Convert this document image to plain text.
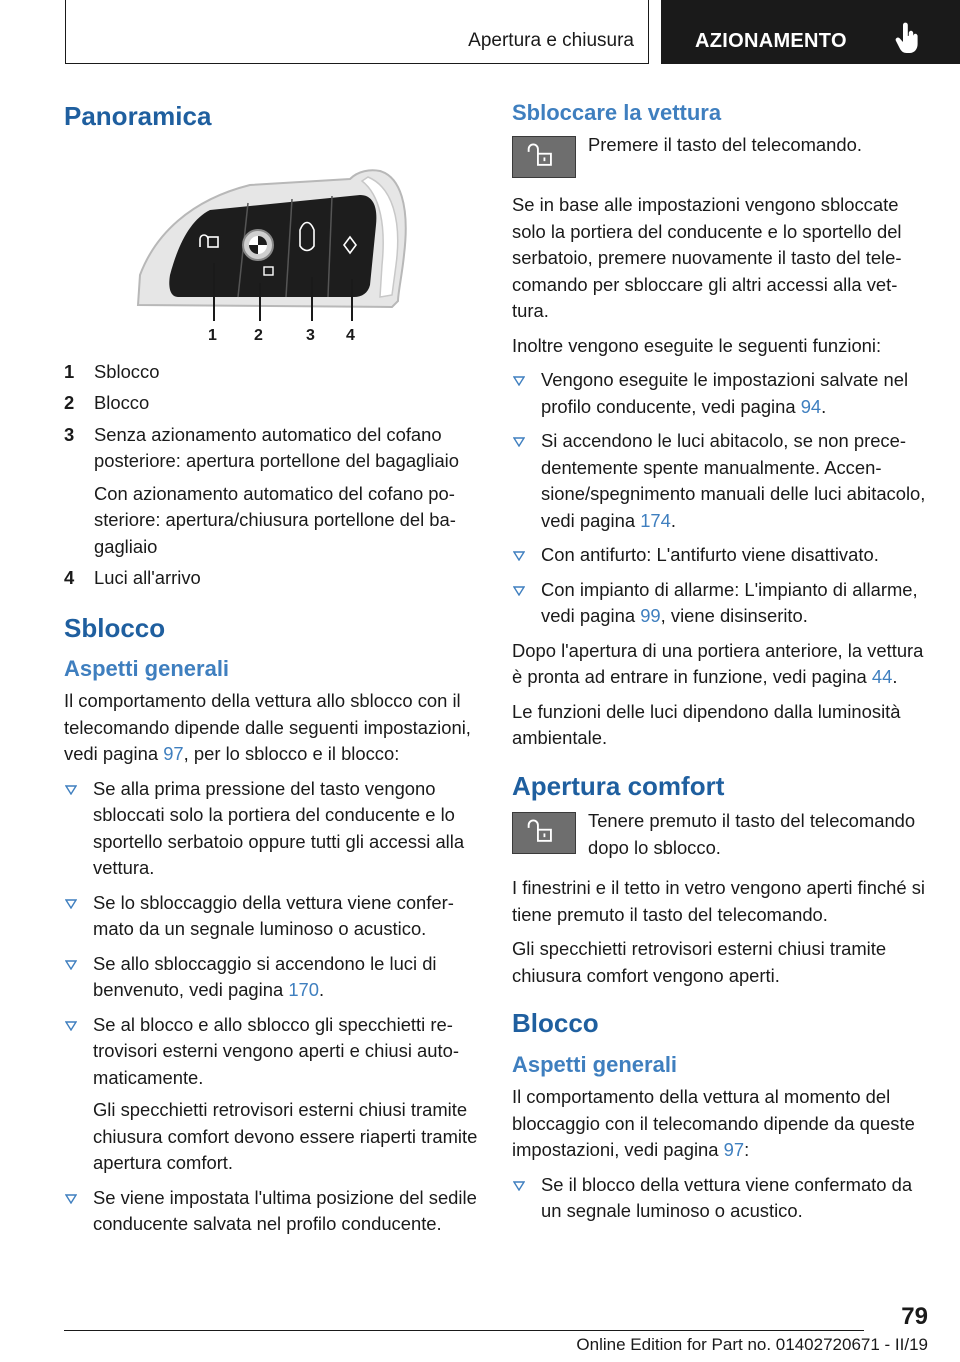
Apertura e chiusura	AZIONAMENTO
Panoramica
1 2	3 4
1 Sblocco
2 Blocco
3 Senza azionamento automatico del cofano posteriore: apertura portellone del bagagliaio
Con azionamento automatico del cofano posteriore: apertura/chiusura portellone del bagagliaio
4 Luci all'arrivo
Sblocco
Aspetti generali

Il comportamento della vettura allo sblocco con il telecomando dipende dalle seguenti impostazioni, vedi pagina 97, per lo sblocco e il blocco:

Se alla prima pressione del tasto vengono sbloccati solo la portiera del conducente e lo sportello serbatoio oppure tutti gli accessi alla vettura.
Se lo sbloccaggio della vettura viene confermato da un segnale luminoso o acustico.
Se allo sbloccaggio si accendono le luci di benvenuto, vedi pagina 170.
Se al blocco e allo sblocco gli specchietti retrovisori esterni vengono aperti e chiusi automaticamente.
Gli specchietti retrovisori esterni chiusi tramite chiusura comfort devono essere riaperti tramite apertura comfort.
Se viene impostata l'ultima posizione del sedile conducente salvata nel profilo conducente.
Sbloccare la vettura

Premere il tasto del telecomando.

Se in base alle impostazioni vengono sbloccate solo la portiera del conducente e lo sportello del serbatoio, premere nuovamente il tasto del telecomando per sbloccare gli altri accessi alla vettura.

Inoltre vengono eseguite le seguenti funzioni:

Vengono eseguite le impostazioni salvate nel profilo conducente, vedi pagina 94.
Si accendono le luci abitacolo, se non precedentemente spente manualmente. Accensione/spegnimento manuali delle luci abitacolo, vedi pagina 174.
Con antifurto: L'antifurto viene disattivato.
Con impianto di allarme: L'impianto di allarme, vedi pagina 99, viene disinserito.

Dopo l'apertura di una portiera anteriore, la vettura è pronta ad entrare in funzione, vedi pagina 44.

Le funzioni delle luci dipendono dalla luminosità ambientale.

Apertura comfort

Tenere premuto il tasto del telecomando dopo lo sblocco.

I finestrini e il tetto in vetro vengono aperti finché si tiene premuto il tasto del telecomando.

Gli specchietti retrovisori esterni chiusi tramite chiusura comfort vengono aperti.

Blocco
Aspetti generali

Il comportamento della vettura al momento del bloccaggio con il telecomando dipende da queste impostazioni, vedi pagina 97:

Se il blocco della vettura viene confermato da un segnale luminoso o acustico.
79
Online Edition for Part no. 01402720671 - II/19
